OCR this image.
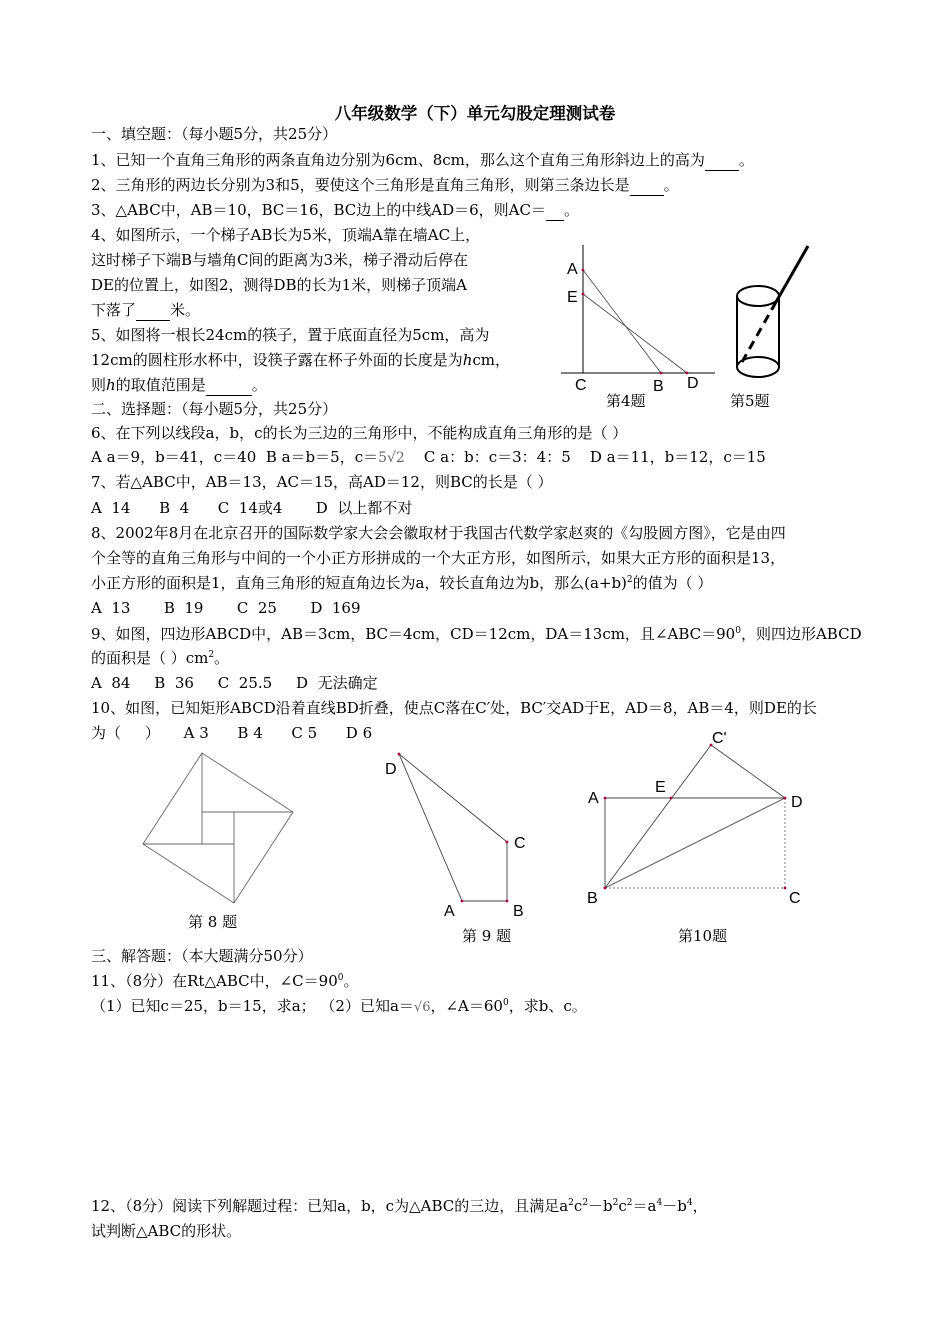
八年级数学（下）单元勾股定理测试卷
一、填空题：（每小题5分，共25分）
1、已知一个直角三角形的两条直角边分别为6cm、8cm，那么这个直角三角形斜边上的高为 。
2、三角形的两边长分别为3和5，要使这个三角形是直角三角形，则第三条边长是 。
3、△ABC中，AB＝10，BC＝16，BC边上的中线AD＝6，则AC＝ 。
4、如图所示，一个梯子AB长为5米，顶端A靠在墙AC上，
这时梯子下端B与墙角C间的距离为3米，梯子滑动后停在
DE的位置上，如图2，测得DB的长为1米，则梯子顶端A
下落了 米。
5、如图将一根长24cm的筷子，置于底面直径为5cm，高为
12cm的圆柱形水杯中，设筷子露在杯子外面的长度是为hcm，
则h的取值范围是	。
A
E
C	B D
第4题	第5题
二、选择题：（每小题5分，共25分）
6、在下列以线段a，b，c的长为三边的三角形中，不能构成直角三角形的是（ ）
A a＝9，b＝41，c＝40 B a＝b＝5，c＝5√2 C a：b：c＝3：4：5 D a＝11，b＝12，c＝15
7、若△ABC中，AB＝13，AC＝15，高AD＝12，则BC的长是（ ）
A  14      B  4      C  14或4       D  以上都不对
8、2002年8月在北京召开的国际数学家大会会徽取材于我国古代数学家赵爽的《勾股圆方图》，它是由四
个全等的直角三角形与中间的一个小正方形拼成的一个大正方形，如图所示，如果大正方形的面积是13，
小正方形的面积是1，直角三角形的短直角边长为a，较长直角边为b，那么$(a+b)^2$的值为（ ）
A  13       B  19       C  25       D  169
9、如图，四边形ABCD中，AB＝3cm，BC＝4cm，CD＝12cm，DA＝13cm，且$\angle ABC=90^0$，则四边形ABCD
的面积是（ ）$cm^2$。
A  84     B  36     C  25.5     D  无法确定
10、如图，已知矩形ABCD沿着直线BD折叠，使点C落在C′处，BC′交AD于E，AD＝8，AB＝4，则DE的长
为（     ）     A 3      B 4      C 5      D 6
第 8 题
D
C
A	B
第 9 题
C'
A
E
D
B	C
第10题
三、解答题：（本大题满分50分）
11、（8分）在Rt△ABC中，$\angle C=90^0$。
（1）已知c＝25，b＝15，求a； （2）已知a＝√6，$\angle A=60^0$，求b、c。
12、（8分）阅读下列解题过程：已知a，b，c为△ABC的三边，且满足$a^2c^2-b^2c^2=a^4-b^4$，
试判断△ABC的形状。
